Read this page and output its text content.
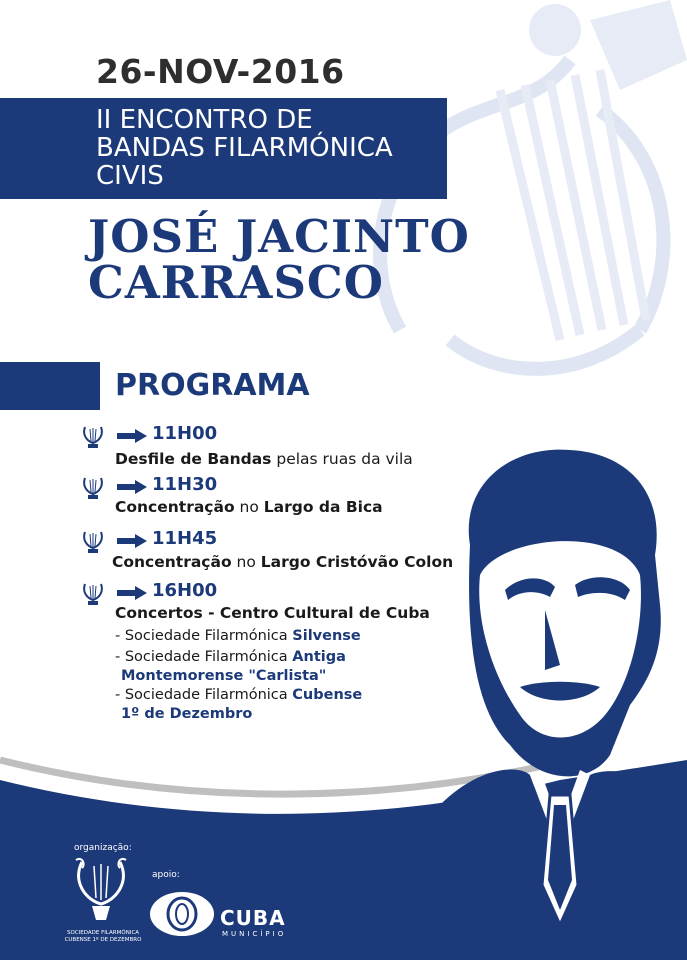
26-NOV-2016
II ENCONTRO DE
BANDAS FILARMÓNICA
CIVIS
JOSÉ JACINTO
CARRASCO
PROGRAMA
11H00
Desfile de Bandas pelas ruas da vila
11H30
Concentração no Largo da Bica
11H45
Concentração no Largo Cristóvão Colon
16H00
Concertos - Centro Cultural de Cuba
- Sociedade Filarmónica Silvense
- Sociedade Filarmónica Antiga
Montemorense "Carlista"
- Sociedade Filarmónica Cubense
1º de Dezembro
organização:
SOCIEDADE FILARMÓNICA
CUBENSE 1º DE DEZEMBRO
apoio:
CUBA
MUNICÍPIO
